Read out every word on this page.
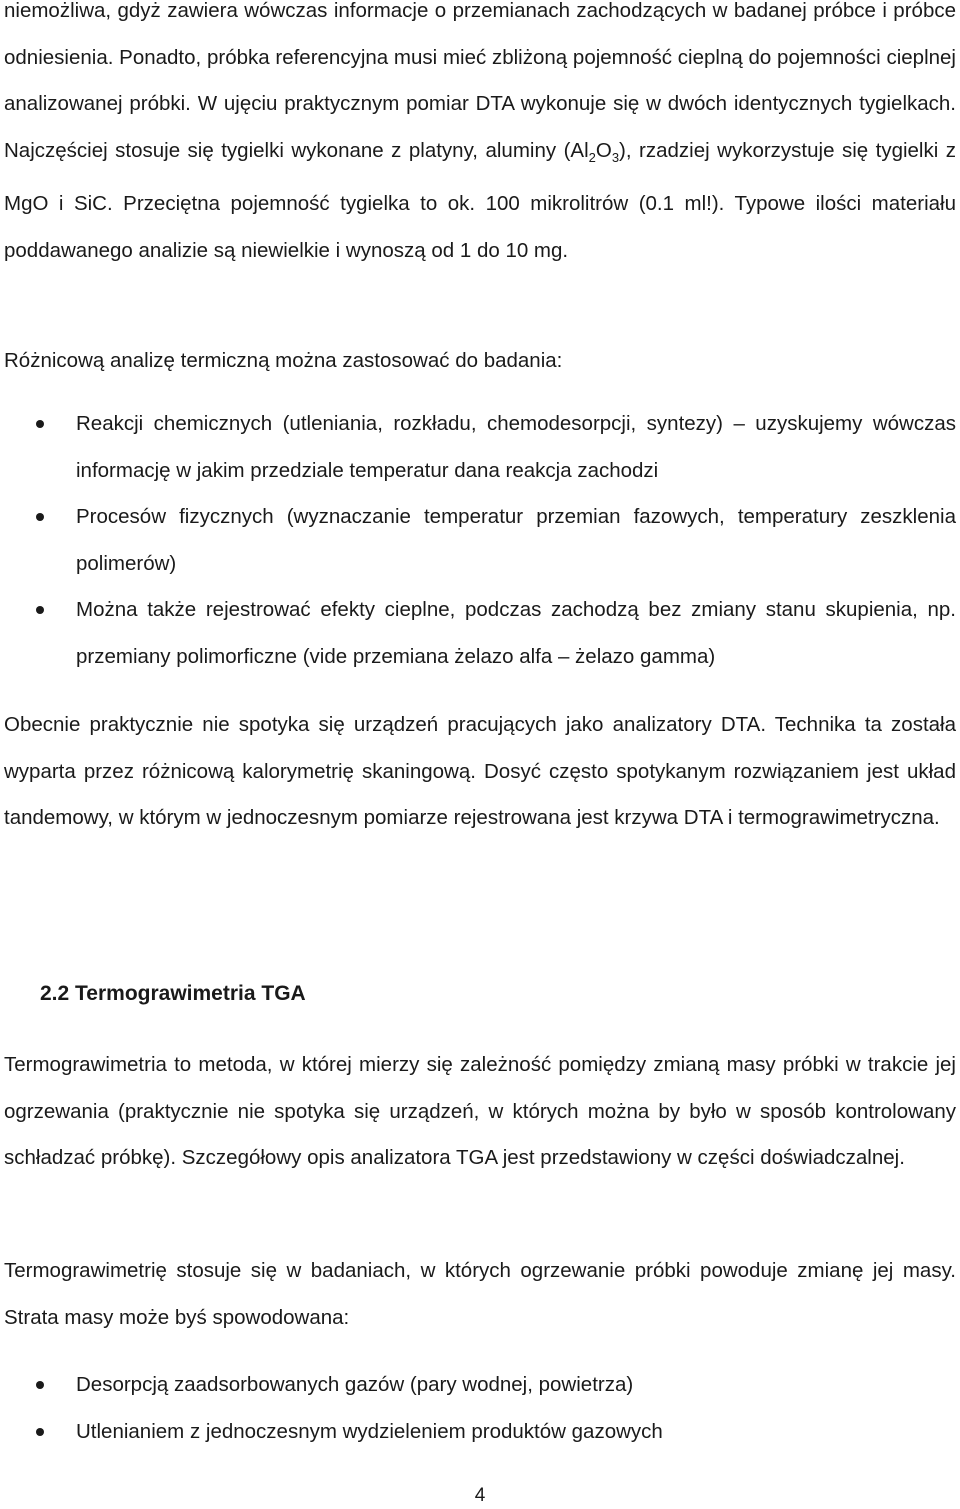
niemożliwa, gdyż zawiera wówczas informacje o przemianach zachodzących w badanej próbce i próbce odniesienia. Ponadto, próbka referencyjna musi mieć zbliżoną pojemność cieplną do pojemności cieplnej analizowanej próbki. W ujęciu praktycznym pomiar DTA wykonuje się w dwóch identycznych tygielkach. Najczęściej stosuje się tygielki wykonane z platyny, aluminy $(Al_2O_3)$, rzadziej wykorzystuje się tygielki z MgO i SiC. Przeciętna pojemność tygielka to ok. 100 mikrolitrów (0.1 ml!). Typowe ilości materiału poddawanego analizie są niewielkie i wynoszą od 1 do 10 mg.

Różnicową analizę termiczną można zastosować do badania:

Reakcji chemicznych (utleniania, rozkładu, chemodesorpcji, syntezy) – uzyskujemy wówczas informację w jakim przedziale temperatur dana reakcja zachodzi
Procesów fizycznych (wyznaczanie temperatur przemian fazowych, temperatury zeszklenia polimerów)
Można także rejestrować efekty cieplne, podczas zachodzą bez zmiany stanu skupienia, np. przemiany polimorficzne (vide przemiana żelazo alfa – żelazo gamma)

Obecnie praktycznie nie spotyka się urządzeń pracujących jako analizatory DTA. Technika ta została wyparta przez różnicową kalorymetrię skaningową. Dosyć często spotykanym rozwiązaniem jest układ tandemowy, w którym w jednoczesnym pomiarze rejestrowana jest krzywa DTA i termograwimetryczna.

2.2 Termograwimetria TGA

Termograwimetria to metoda, w której mierzy się zależność pomiędzy zmianą masy próbki w trakcie jej ogrzewania (praktycznie nie spotyka się urządzeń, w których można by było w sposób kontrolowany schładzać próbkę). Szczegółowy opis analizatora TGA jest przedstawiony w części doświadczalnej.

Termograwimetrię stosuje się w badaniach, w których ogrzewanie próbki powoduje zmianę jej masy. Strata masy może byś spowodowana:

Desorpcją zaadsorbowanych gazów (pary wodnej, powietrza)
Utlenianiem z jednoczesnym wydzieleniem produktów gazowych
4
